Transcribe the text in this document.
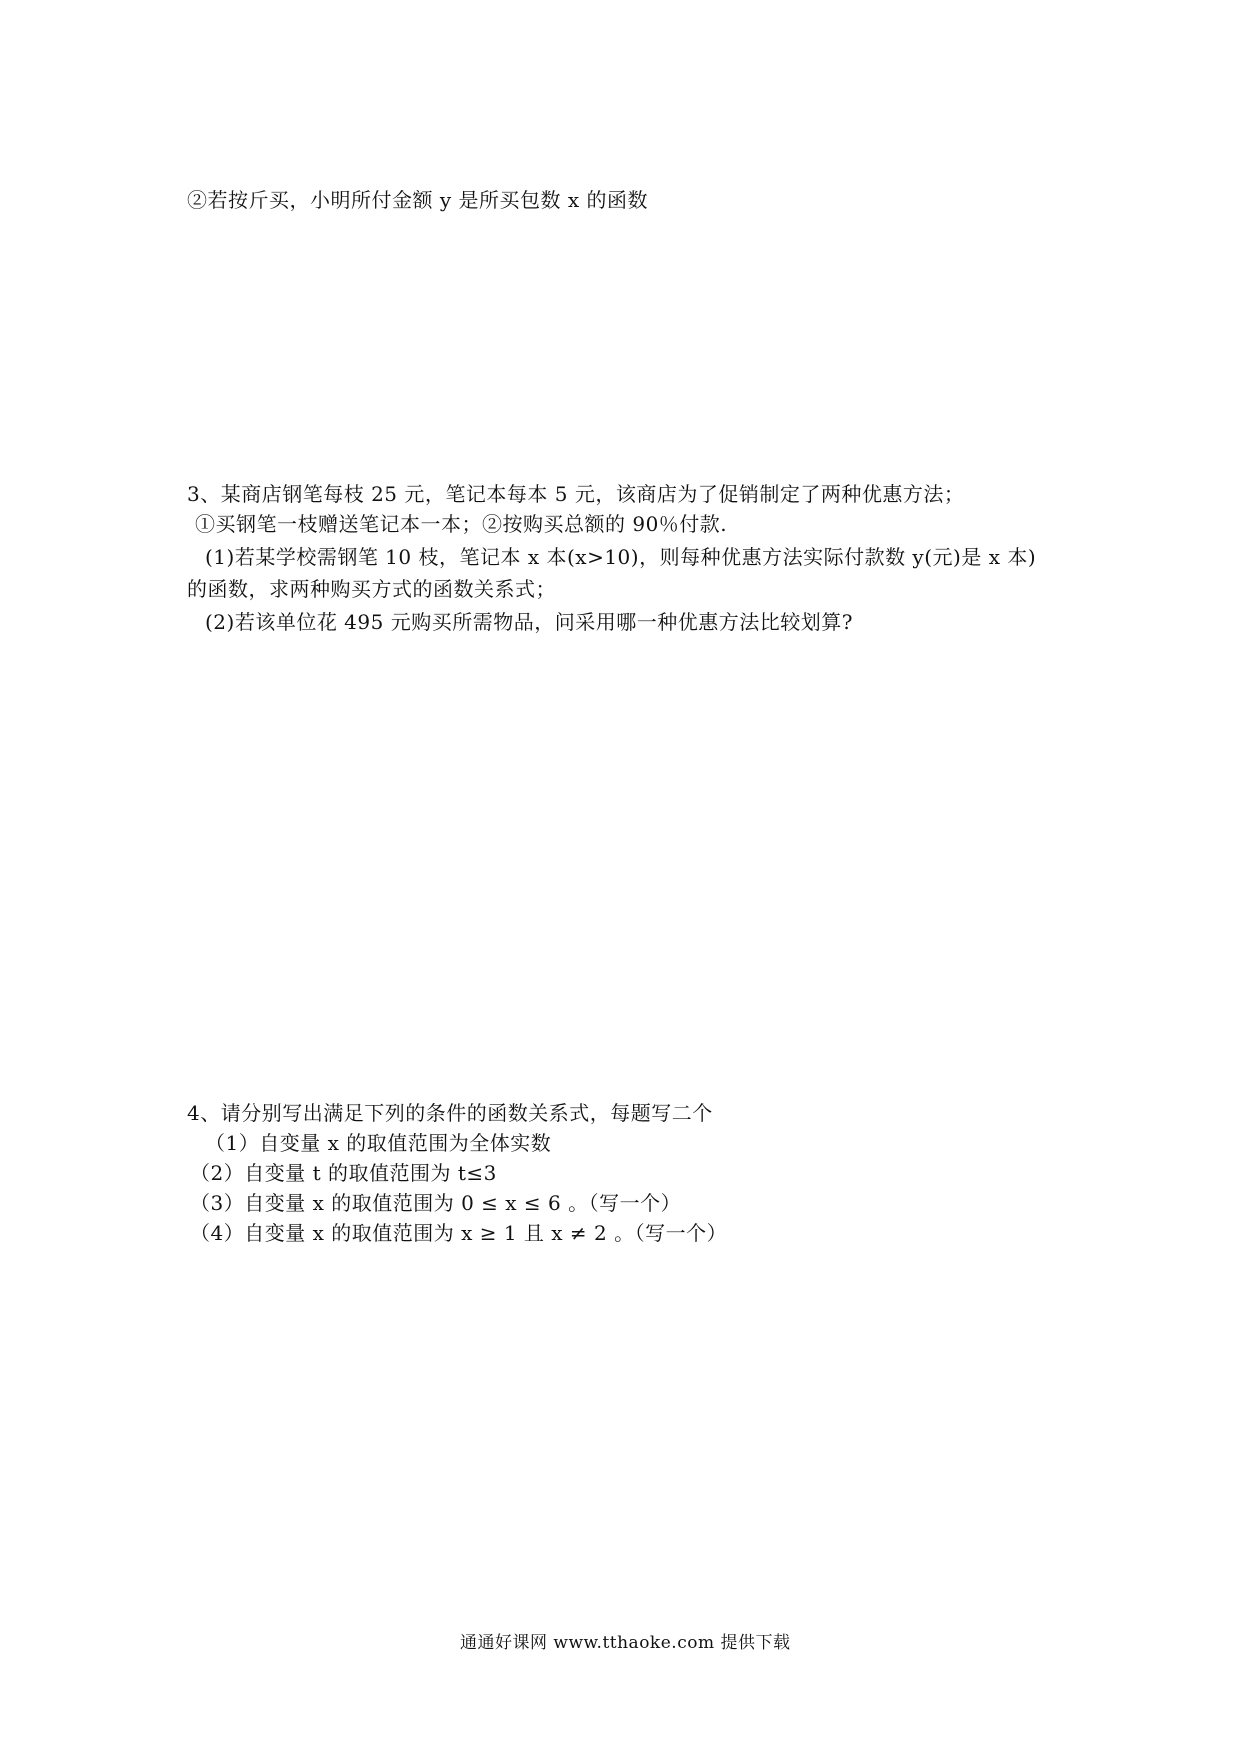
②若按斤买，小明所付金额 y 是所买包数 x 的函数
3、某商店钢笔每枝 25 元，笔记本每本 5 元，该商店为了促销制定了两种优惠方法；
①买钢笔一枝赠送笔记本一本；②按购买总额的 90％付款.
(1)若某学校需钢笔 10 枝，笔记本 x 本(x>10)，则每种优惠方法实际付款数 y(元)是 x 本)
的函数，求两种购买方式的函数关系式；
(2)若该单位花 495 元购买所需物品，问采用哪一种优惠方法比较划算?
4、请分别写出满足下列的条件的函数关系式，每题写二个
（1）自变量 x 的取值范围为全体实数
（2）自变量 t 的取值范围为 t≤3
（3）自变量 x 的取值范围为 0 ≤ x ≤ 6 。（写一个）
（4）自变量 x 的取值范围为 x ≥ 1 且 x ≠ 2 。（写一个）
通通好课网 www.tthaoke.com 提供下载
